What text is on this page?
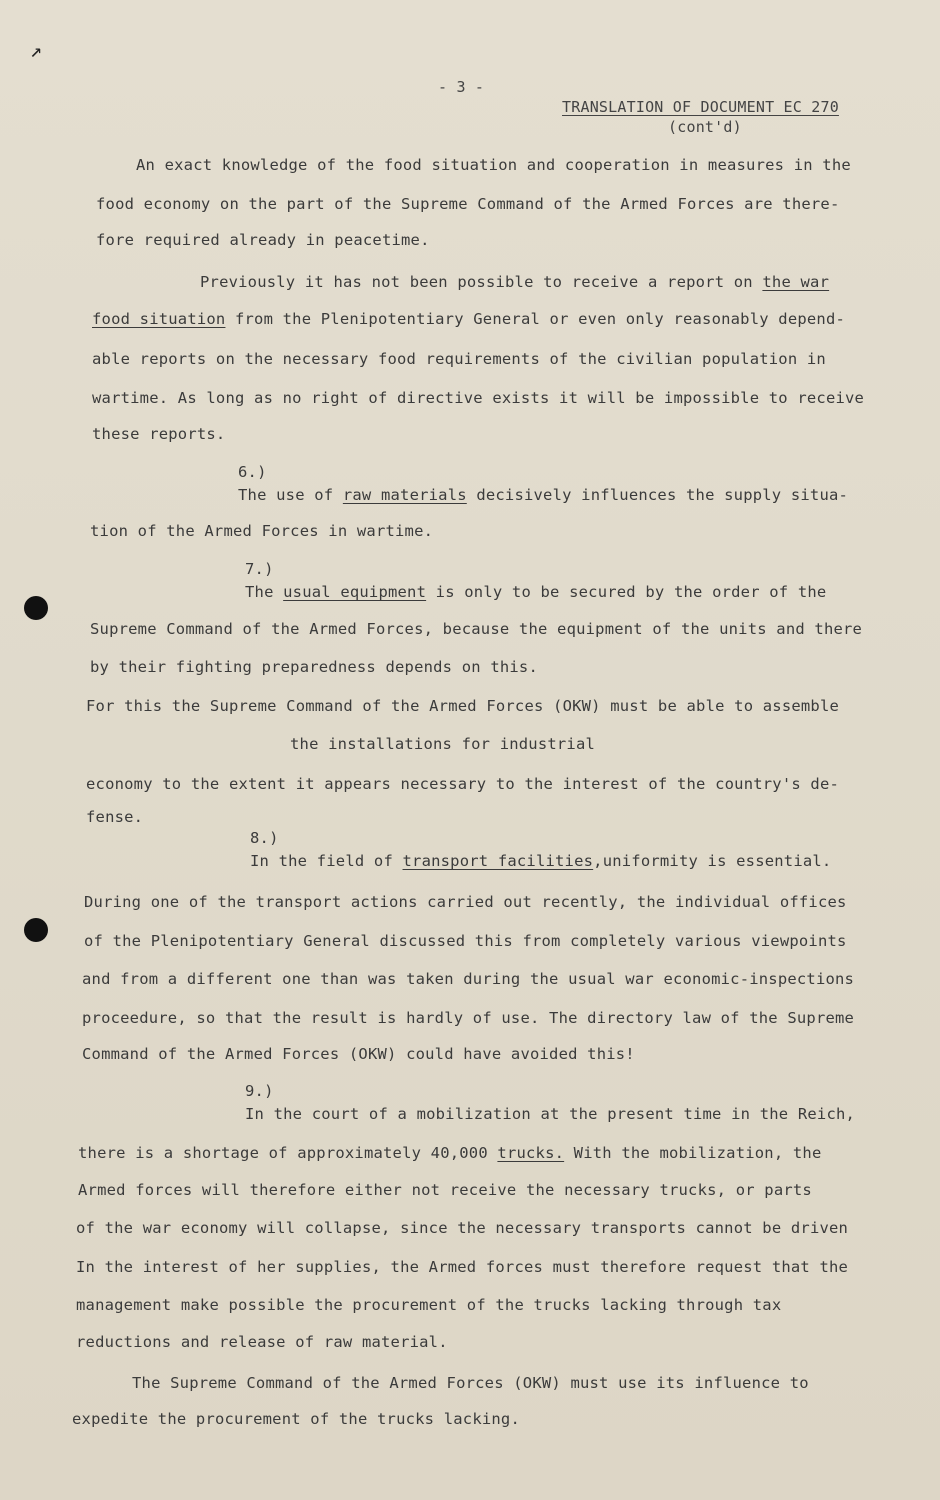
↗
- 3 -
TRANSLATION OF DOCUMENT EC 270
(cont'd)
An exact knowledge of the food situation and cooperation in measures in the
food economy on the part of the Supreme Command of the Armed Forces are there-
fore required already in peacetime.
Previously it has not been possible to receive a report on the war
food situation from the Plenipotentiary General or even only reasonably depend-
able reports on the necessary food requirements of the civilian population in
wartime. As long as no right of directive exists it will be impossible to receive
these reports.
6.)
The use of raw materials decisively influences the supply situa-
tion of the Armed Forces in wartime.
7.)
The usual equipment is only to be secured by the order of the
Supreme Command of the Armed Forces, because the equipment of the units and there
by their fighting preparedness depends on this.
For this the Supreme Command of the Armed Forces (OKW) must be able to assemble
the installations for industrial
economy to the extent it appears necessary to the interest of the country's de-
fense.
8.)
In the field of transport facilities,uniformity is essential.
During one of the transport actions carried out recently, the individual offices
of the Plenipotentiary General discussed this from completely various viewpoints
and from a different one than was taken during the usual war economic-inspections
proceedure, so that the result is hardly of use. The directory law of the Supreme
Command of the Armed Forces (OKW) could have avoided this!
9.)
In the court of a mobilization at the present time in the Reich,
there is a shortage of approximately 40,000 trucks. With the mobilization, the
Armed forces will therefore either not receive the necessary trucks, or parts
of the war economy will collapse, since the necessary transports cannot be driven
In the interest of her supplies, the Armed forces must therefore request that the
management make possible the procurement of the trucks lacking through tax
reductions and release of raw material.
The Supreme Command of the Armed Forces (OKW) must use its influence to
expedite the procurement of the trucks lacking.
